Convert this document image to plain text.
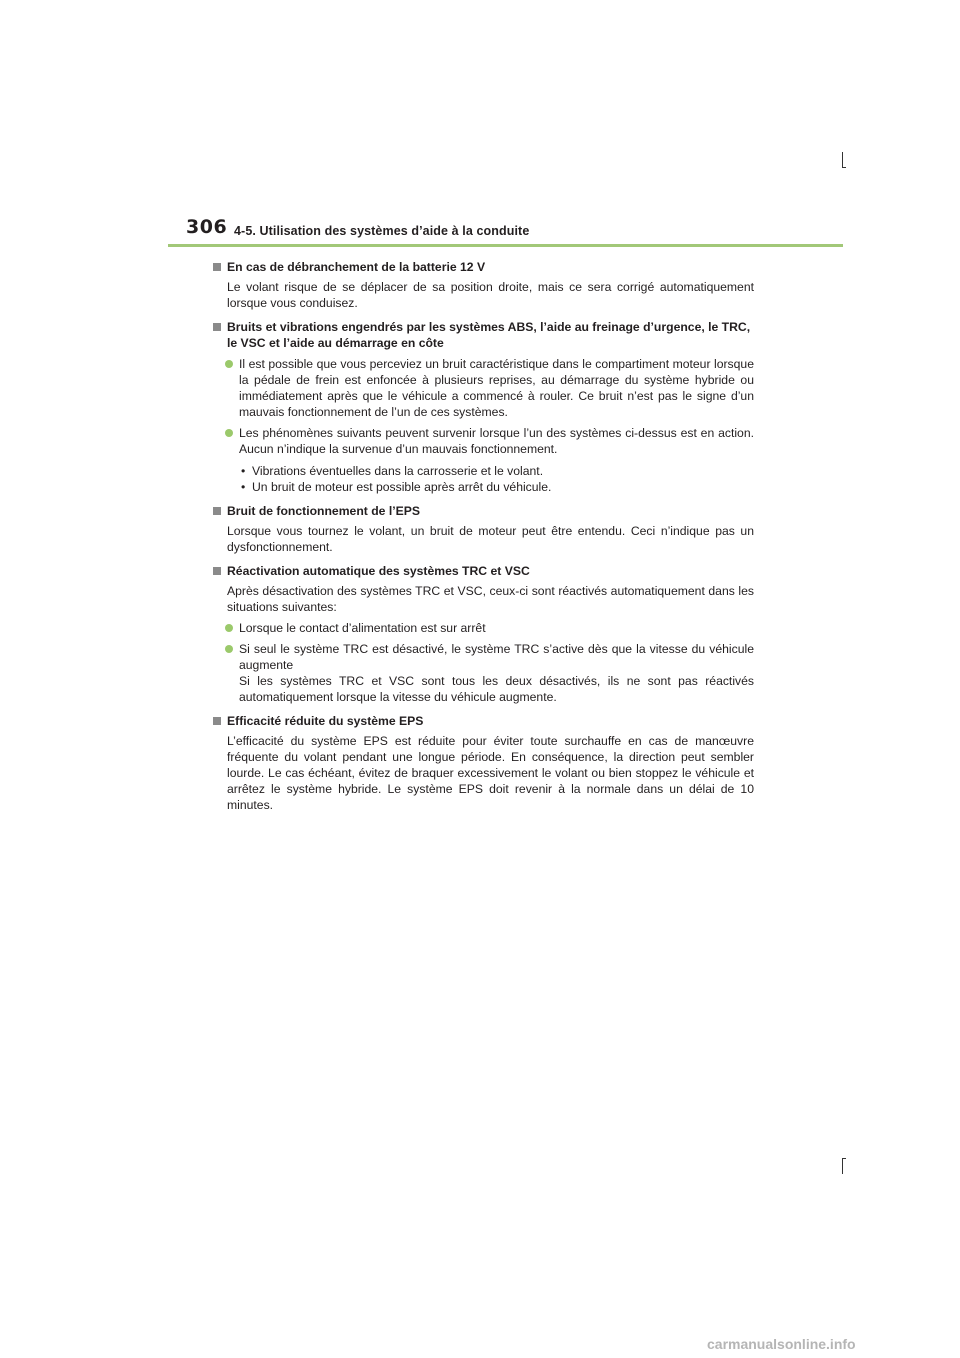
306 4-5. Utilisation des systèmes d’aide à la conduite
En cas de débranchement de la batterie 12 V
Le volant risque de se déplacer de sa position droite, mais ce sera corrigé automatiquement lorsque vous conduisez.
Bruits et vibrations engendrés par les systèmes ABS, l’aide au freinage d’urgence, le TRC, le VSC et l’aide au démarrage en côte
Il est possible que vous perceviez un bruit caractéristique dans le compartiment moteur lorsque la pédale de frein est enfoncée à plusieurs reprises, au démarrage du système hybride ou immédiatement après que le véhicule a commencé à rouler. Ce bruit n’est pas le signe d’un mauvais fonctionnement de l’un de ces systèmes.
Les phénomènes suivants peuvent survenir lorsque l’un des systèmes ci-dessus est en action. Aucun n’indique la survenue d’un mauvais fonctionnement.
• Vibrations éventuelles dans la carrosserie et le volant.
• Un bruit de moteur est possible après arrêt du véhicule.
Bruit de fonctionnement de l’EPS
Lorsque vous tournez le volant, un bruit de moteur peut être entendu. Ceci n’indique pas un dysfonctionnement.
Réactivation automatique des systèmes TRC et VSC
Après désactivation des systèmes TRC et VSC, ceux-ci sont réactivés automatiquement dans les situations suivantes:
Lorsque le contact d’alimentation est sur arrêt
Si seul le système TRC est désactivé, le système TRC s’active dès que la vitesse du véhicule augmente
Si les systèmes TRC et VSC sont tous les deux désactivés, ils ne sont pas réactivés automatiquement lorsque la vitesse du véhicule augmente.
Efficacité réduite du système EPS
L’efficacité du système EPS est réduite pour éviter toute surchauffe en cas de manœuvre fréquente du volant pendant une longue période. En conséquence, la direction peut sembler lourde. Le cas échéant, évitez de braquer excessivement le volant ou bien stoppez le véhicule et arrêtez le système hybride. Le système EPS doit revenir à la normale dans un délai de 10 minutes.
carmanualsonline.info
